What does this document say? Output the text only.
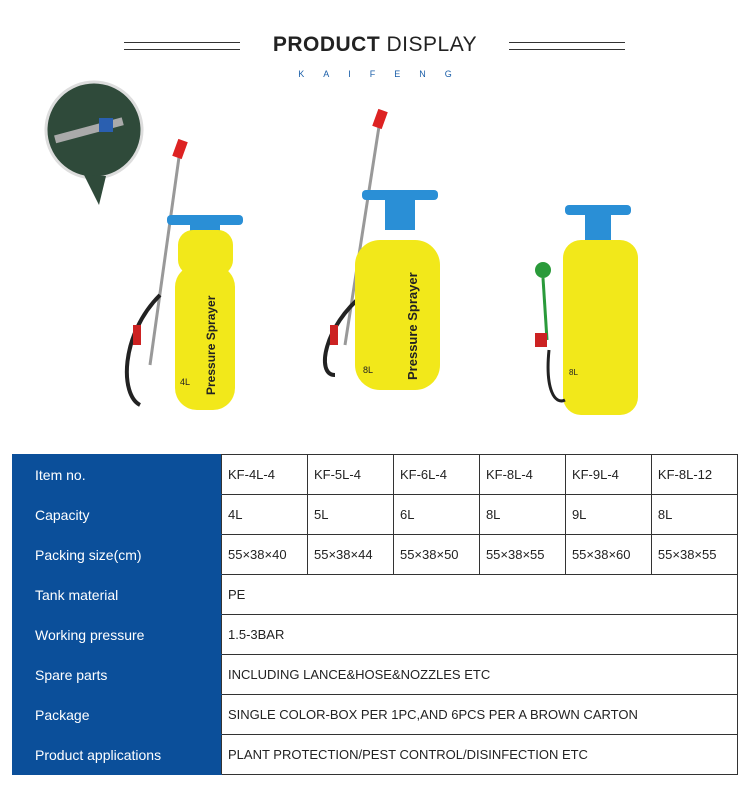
PRODUCT DISPLAY
KAIFENG
Pressure Sprayer
4L
Pressure Sprayer
8L	8L
Item no.	KF-4L-4	KF-5L-4	KF-6L-4	KF-8L-4	KF-9L-4	KF-8L-12
Capacity	4L	5L	6L	8L	9L	8L
Packing size(cm)	55×38×40	55×38×44	55×38×50	55×38×55	55×38×60	55×38×55
Tank material	PE					
Working pressure	1.5-3BAR					
Spare parts	INCLUDING LANCE&HOSE&NOZZLES ETC					
Package	SINGLE COLOR-BOX PER 1PC,AND 6PCS PER A BROWN CARTON					
Product applications	PLANT PROTECTION/PEST CONTROL/DISINFECTION ETC					
